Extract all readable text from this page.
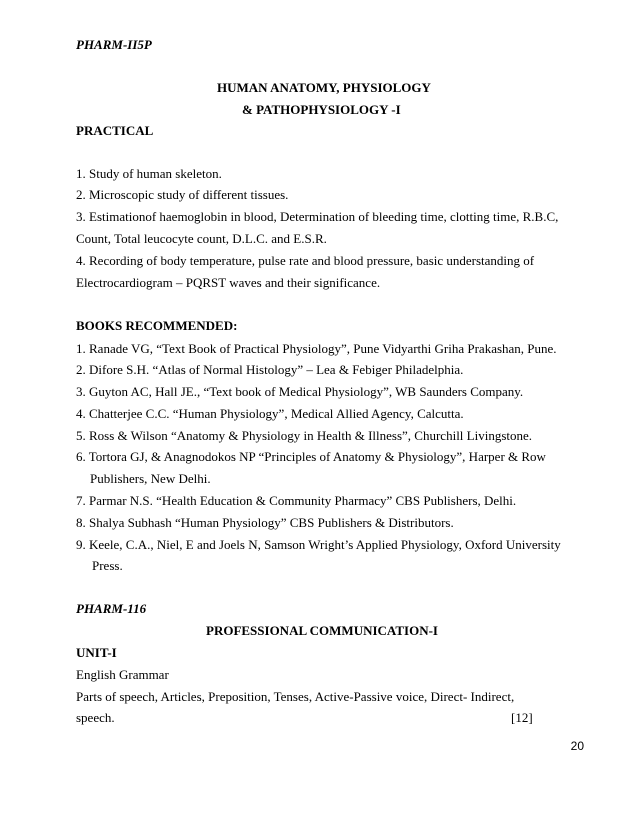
PHARM-II5P
HUMAN ANATOMY, PHYSIOLOGY
& PATHOPHYSIOLOGY -I
PRACTICAL
1. Study of human skeleton.
2. Microscopic study of different tissues.
3. Estimationof haemoglobin in blood, Determination of bleeding time, clotting time, R.B.C,
Count, Total leucocyte count, D.L.C. and E.S.R.
4. Recording of body temperature, pulse rate and blood pressure, basic understanding of
Electrocardiogram – PQRST waves and their significance.
BOOKS RECOMMENDED:
1. Ranade VG, “Text Book of Practical Physiology”, Pune Vidyarthi Griha Prakashan, Pune.
2. Difore S.H. “Atlas of Normal Histology” – Lea & Febiger Philadelphia.
3. Guyton AC, Hall JE., “Text book of Medical Physiology”, WB Saunders Company.
4. Chatterjee C.C. “Human Physiology”, Medical Allied Agency, Calcutta.
5. Ross & Wilson “Anatomy & Physiology in Health & Illness”, Churchill Livingstone.
6. Tortora GJ, & Anagnodokos NP “Principles of Anatomy & Physiology”, Harper & Row
Publishers, New Delhi.
7. Parmar N.S. “Health Education & Community Pharmacy” CBS Publishers, Delhi.
8. Shalya Subhash “Human Physiology” CBS Publishers & Distributors.
9. Keele, C.A., Niel, E and Joels N, Samson Wright’s Applied Physiology, Oxford University
Press.
PHARM-116
PROFESSIONAL COMMUNICATION-I
UNIT-I
English Grammar
Parts of speech, Articles, Preposition, Tenses, Active-Passive voice, Direct- Indirect,
speech.	[12]
20
